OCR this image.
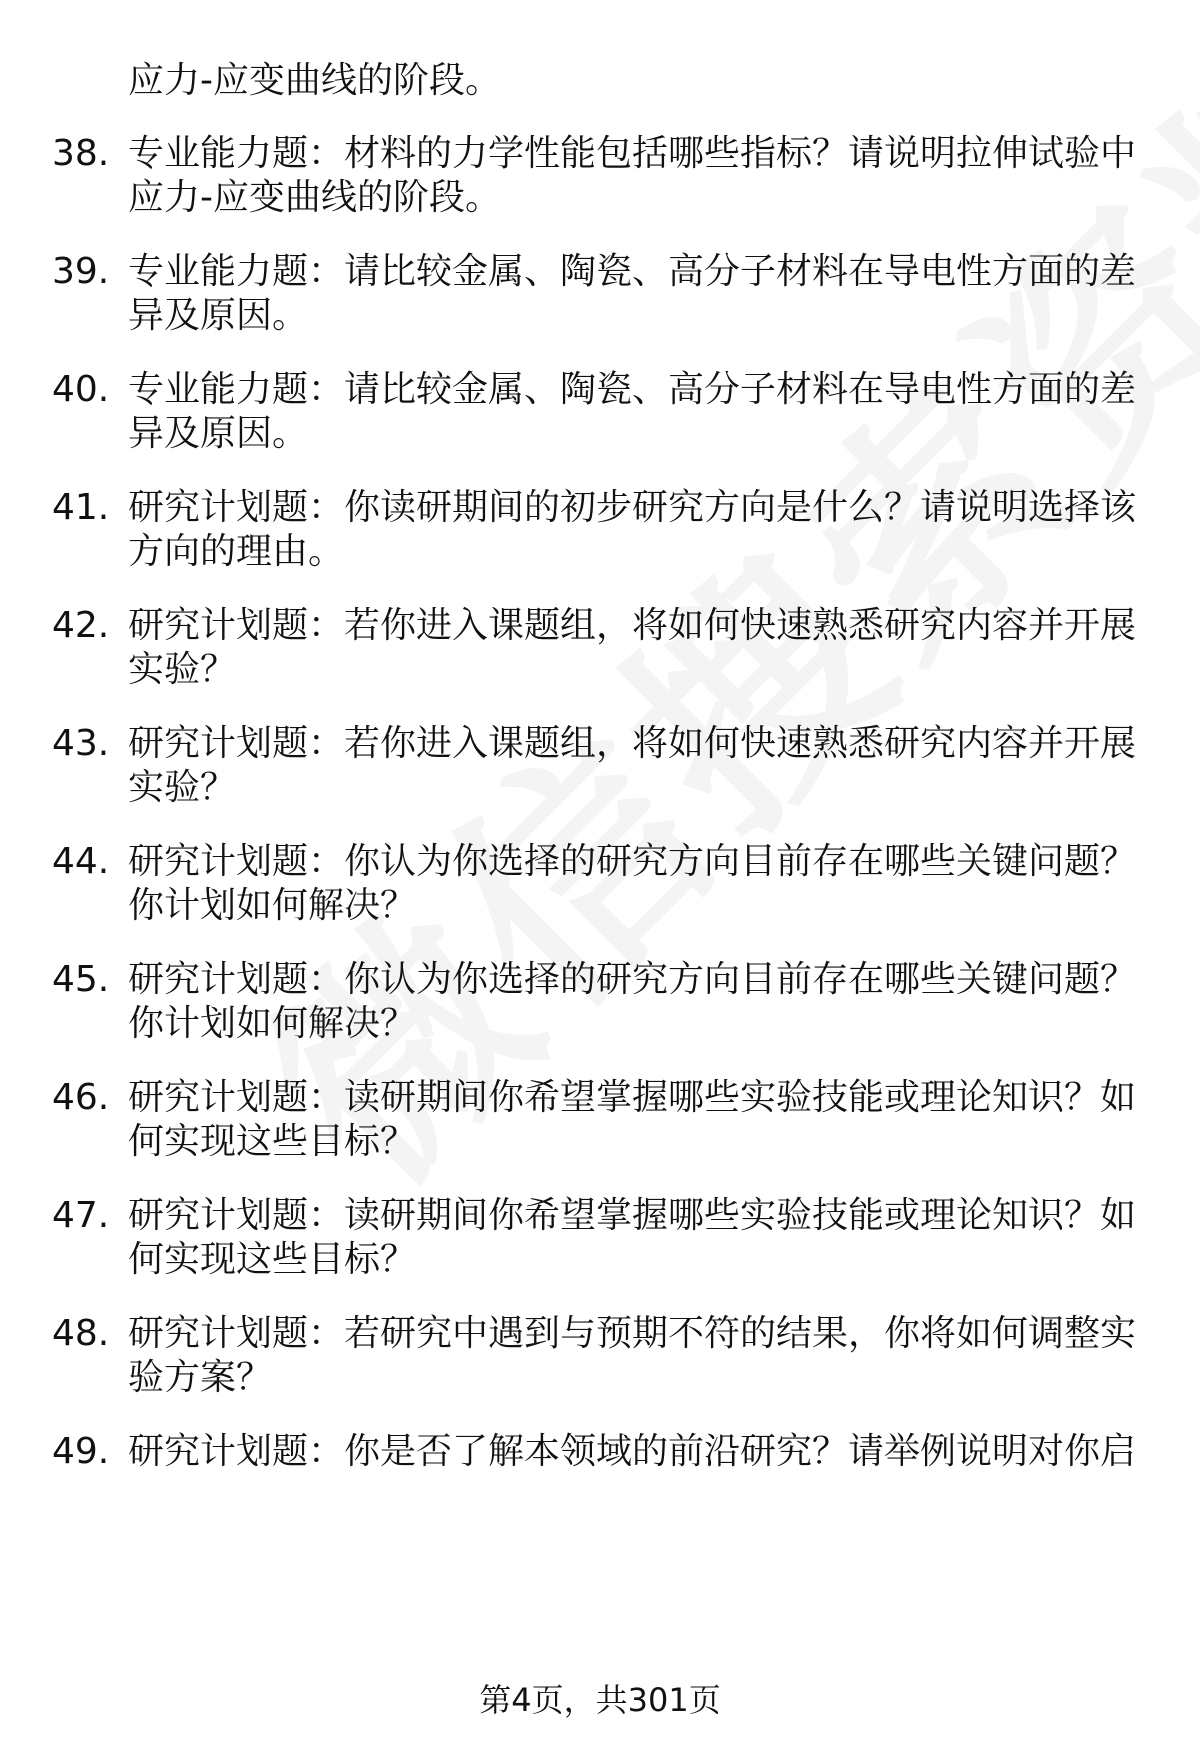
应力-应变曲线的阶段。
38. 专业能力题：材料的力学性能包括哪些指标？请说明拉伸试验中
应力-应变曲线的阶段。
39. 专业能力题：请比较金属、陶瓷、高分子材料在导电性方面的差
异及原因。
40. 专业能力题：请比较金属、陶瓷、高分子材料在导电性方面的差
异及原因。
41. 研究计划题：你读研期间的初步研究方向是什么？请说明选择该
方向的理由。
42. 研究计划题：若你进入课题组，将如何快速熟悉研究内容并开展
实验？
43. 研究计划题：若你进入课题组，将如何快速熟悉研究内容并开展
实验？
44. 研究计划题：你认为你选择的研究方向目前存在哪些关键问题？
你计划如何解决？
45. 研究计划题：你认为你选择的研究方向目前存在哪些关键问题？
你计划如何解决？
46. 研究计划题：读研期间你希望掌握哪些实验技能或理论知识？如
何实现这些目标？
47. 研究计划题：读研期间你希望掌握哪些实验技能或理论知识？如
何实现这些目标？
48. 研究计划题：若研究中遇到与预期不符的结果，你将如何调整实
验方案？
49. 研究计划题：你是否了解本领域的前沿研究？请举例说明对你启
第4页，共301页
